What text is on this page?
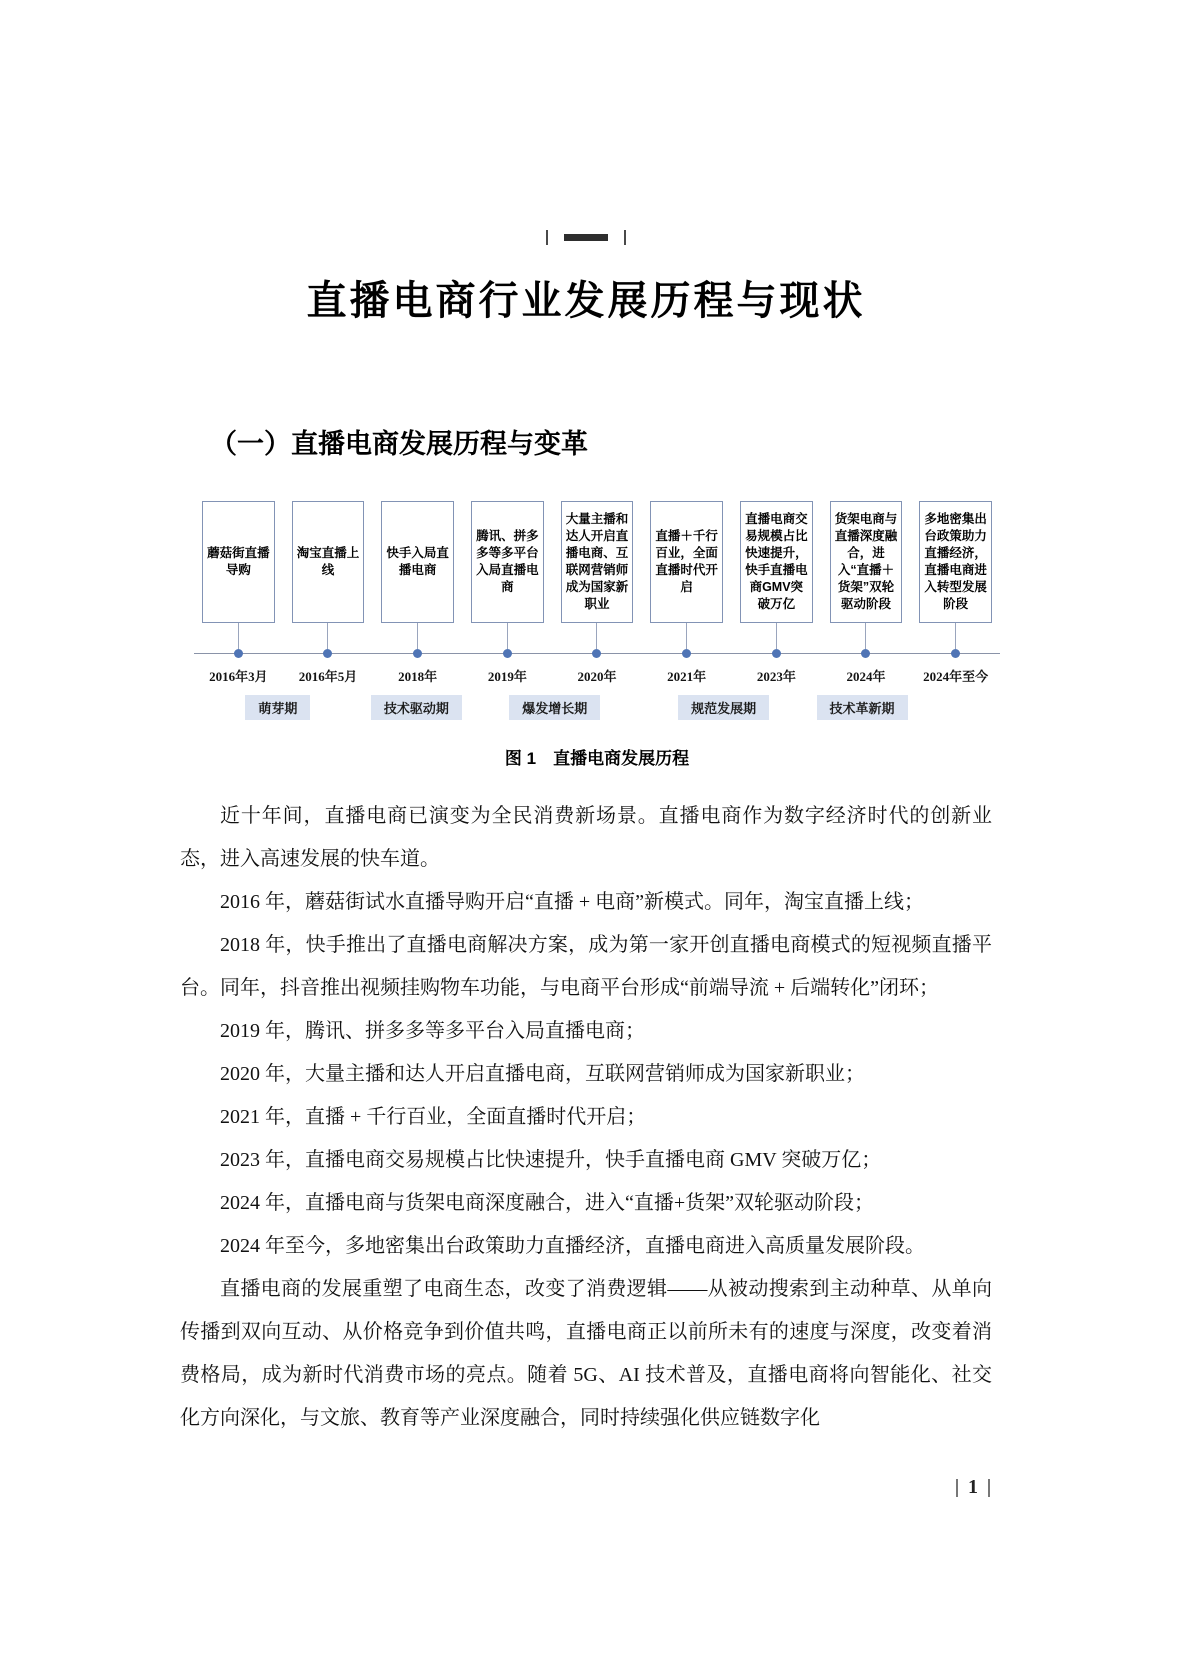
直播电商行业发展历程与现状
（一）直播电商发展历程与变革
蘑菇街直播导购
淘宝直播上线
快手入局直播电商
腾讯、拼多多等多平台入局直播电商
大量主播和达人开启直播电商、互联网营销师成为国家新职业
直播＋千行百业，全面直播时代开启
直播电商交易规模占比快速提升，快手直播电商GMV突破万亿
货架电商与直播深度融合，进入“直播＋货架”双轮驱动阶段
多地密集出台政策助力直播经济，直播电商进入转型发展阶段
2016年3月	2016年5月	2018年	2019年	2020年	2021年	2023年	2024年	2024年至今
萌芽期	技术驱动期	爆发增长期	规范发展期	技术革新期
图 1　直播电商发展历程

近十年间，直播电商已演变为全民消费新场景。直播电商作为数字经济时代的创新业态，进入高速发展的快车道。

2016 年，蘑菇街试水直播导购开启“直播 + 电商”新模式。同年，淘宝直播上线；

2018 年，快手推出了直播电商解决方案，成为第一家开创直播电商模式的短视频直播平台。同年，抖音推出视频挂购物车功能，与电商平台形成“前端导流 + 后端转化”闭环；

2019 年，腾讯、拼多多等多平台入局直播电商；

2020 年，大量主播和达人开启直播电商，互联网营销师成为国家新职业；

2021 年，直播 + 千行百业，全面直播时代开启；

2023 年，直播电商交易规模占比快速提升，快手直播电商 GMV 突破万亿；

2024 年，直播电商与货架电商深度融合，进入“直播+货架”双轮驱动阶段；

2024 年至今，多地密集出台政策助力直播经济，直播电商进入高质量发展阶段。

直播电商的发展重塑了电商生态，改变了消费逻辑——从被动搜索到主动种草、从单向传播到双向互动、从价格竞争到价值共鸣，直播电商正以前所未有的速度与深度，改变着消费格局，成为新时代消费市场的亮点。随着 5G、AI 技术普及，直播电商将向智能化、社交化方向深化，与文旅、教育等产业深度融合，同时持续强化供应链数字化

1
